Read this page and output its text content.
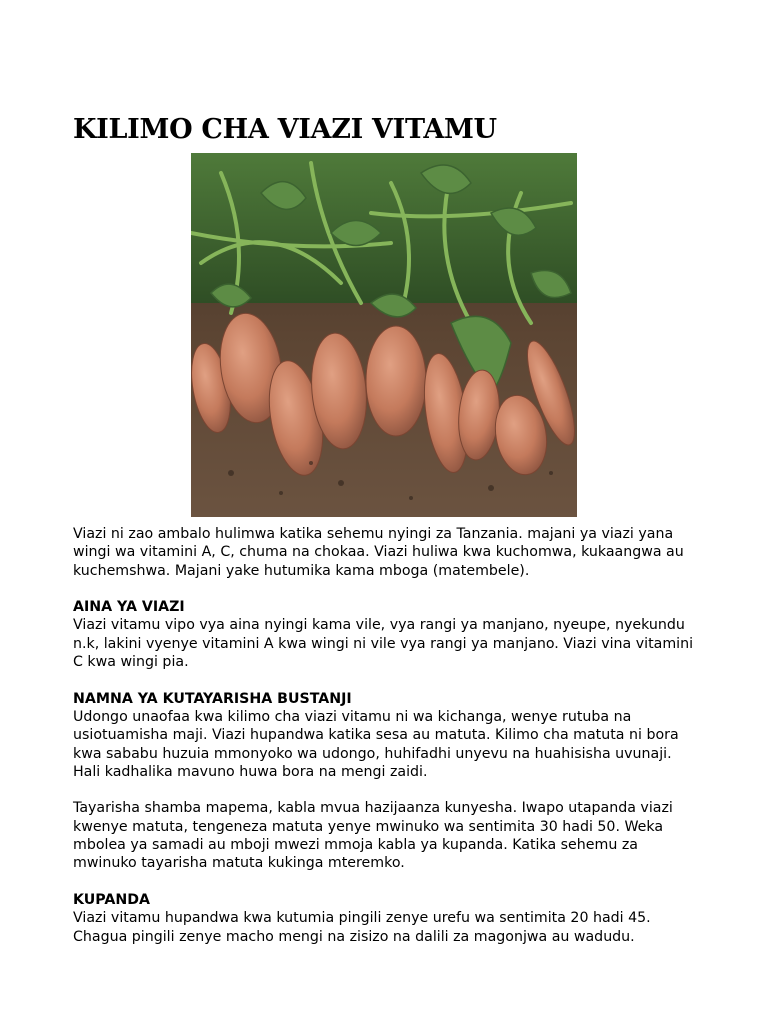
KILIMO CHA VIAZI VITAMU

Viazi ni zao ambalo hulimwa katika sehemu nyingi za Tanzania. majani ya viazi yana wingi wa vitamini A, C, chuma na chokaa. Viazi huliwa kwa kuchomwa, kukaangwa au kuchemshwa. Majani yake hutumika kama mboga (matembele).

AINA YA VIAZI

Viazi vitamu vipo vya aina nyingi kama vile, vya rangi ya manjano, nyeupe, nyekundu n.k, lakini vyenye vitamini A kwa wingi ni vile vya rangi ya manjano. Viazi vina vitamini C kwa wingi pia.

NAMNA YA KUTAYARISHA BUSTANJI

Udongo unaofaa kwa kilimo cha viazi vitamu ni wa kichanga, wenye rutuba na usiotuamisha maji. Viazi hupandwa katika sesa au matuta. Kilimo cha matuta ni bora kwa sababu huzuia mmonyoko wa udongo, huhifadhi unyevu na huahisisha uvunaji. Hali kadhalika mavuno huwa bora na mengi zaidi.

Tayarisha shamba mapema, kabla mvua hazijaanza kunyesha. Iwapo utapanda viazi kwenye matuta, tengeneza matuta yenye mwinuko wa sentimita 30 hadi 50. Weka mbolea ya samadi au mboji mwezi mmoja kabla ya kupanda. Katika sehemu za mwinuko tayarisha matuta kukinga mteremko.

KUPANDA

Viazi vitamu hupandwa kwa kutumia pingili zenye urefu wa sentimita 20 hadi 45. Chagua pingili zenye macho mengi na zisizo na dalili za magonjwa au wadudu.
